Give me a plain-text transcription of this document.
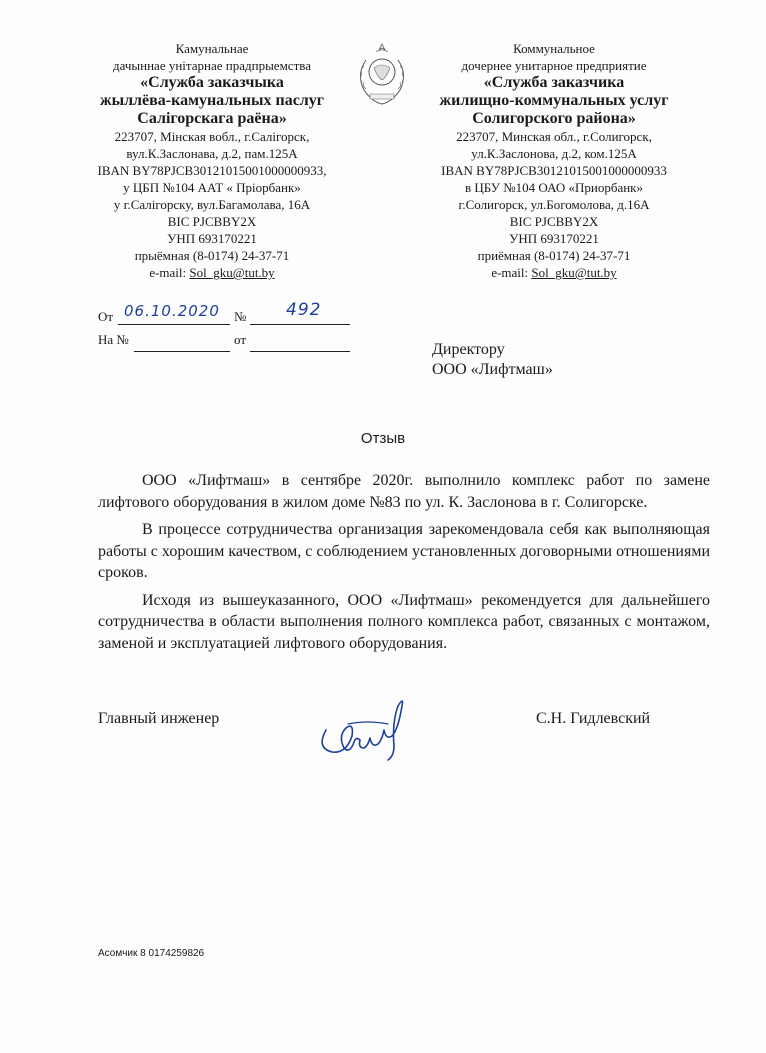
Камунальнае
дачыннае унітарнае прадпрыемства
«Служба заказчыка
жыллёва-камунальных паслуг
Салігорскага раёна»
223707, Мінская вобл., г.Салігорск,
вул.К.Заслонава, д.2, пам.125А
IBAN BY78PJCB30121015001000000933,
у ЦБП №104 ААТ « Пріорбанк»
у г.Салігорску, вул.Багамолава, 16А
BIC PJCBBY2X
УНП 693170221
прыёмная (8-0174) 24-37-71
e-mail: Sol_gku@tut.by
Коммунальное
дочернее унитарное предприятие
«Служба заказчика
жилищно-коммунальных услуг
Солигорского района»
223707, Минская обл., г.Солигорск,
ул.К.Заслонова, д.2, ком.125А
IBAN BY78PJCB30121015001000000933
в ЦБУ №104 ОАО «Приорбанк»
г.Солигорск, ул.Богомолова, д.16А
BIC PJCBBY2X
УНП 693170221
приёмная (8-0174) 24-37-71
e-mail: Sol_gku@tut.by
От 06.10.2020 № 492
На №	от
Директору
ООО «Лифтмаш»
Отзыв

ООО «Лифтмаш» в сентябре 2020г. выполнило комплекс работ по замене лифтового оборудования в жилом доме №83 по ул. К. Заслонова в г. Солигорске.

В процессе сотрудничества организация зарекомендовала себя как выполняющая работы с хорошим качеством, с соблюдением установленных договорными отношениями сроков.

Исходя из вышеуказанного, ООО «Лифтмаш» рекомендуется для дальнейшего сотрудничества в области выполнения полного комплекса работ, связанных с монтажом, заменой и эксплуатацией лифтового оборудования.

Главный инженер	С.Н. Гидлевский
Асомчик 8 0174259826
